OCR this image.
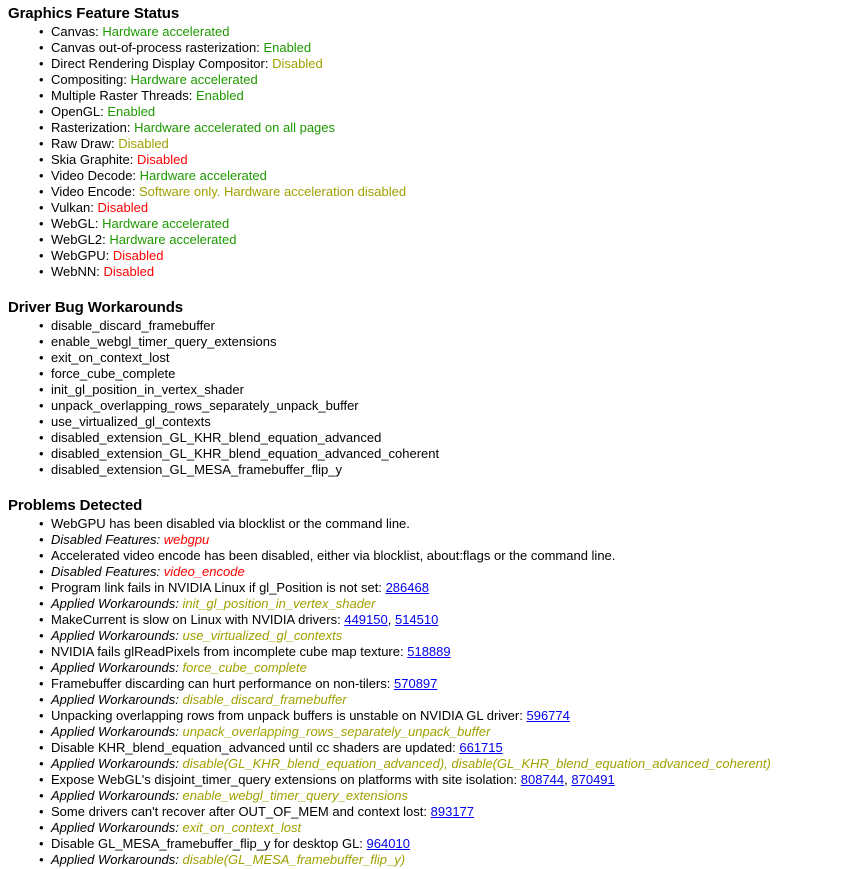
Graphics Feature Status
• Canvas: Hardware accelerated
• Canvas out-of-process rasterization: Enabled
• Direct Rendering Display Compositor: Disabled
• Compositing: Hardware accelerated
• Multiple Raster Threads: Enabled
• OpenGL: Enabled
• Rasterization: Hardware accelerated on all pages
• Raw Draw: Disabled
• Skia Graphite: Disabled
• Video Decode: Hardware accelerated
• Video Encode: Software only. Hardware acceleration disabled
• Vulkan: Disabled
• WebGL: Hardware accelerated
• WebGL2: Hardware accelerated
• WebGPU: Disabled
• WebNN: Disabled
Driver Bug Workarounds
• disable_discard_framebuffer
• enable_webgl_timer_query_extensions
• exit_on_context_lost
• force_cube_complete
• init_gl_position_in_vertex_shader
• unpack_overlapping_rows_separately_unpack_buffer
• use_virtualized_gl_contexts
• disabled_extension_GL_KHR_blend_equation_advanced
• disabled_extension_GL_KHR_blend_equation_advanced_coherent
• disabled_extension_GL_MESA_framebuffer_flip_y
Problems Detected
• WebGPU has been disabled via blocklist or the command line.
• Disabled Features: webgpu
• Accelerated video encode has been disabled, either via blocklist, about:flags or the command line.
• Disabled Features: video_encode
• Program link fails in NVIDIA Linux if gl_Position is not set: 286468
• Applied Workarounds: init_gl_position_in_vertex_shader
• MakeCurrent is slow on Linux with NVIDIA drivers: 449150, 514510
• Applied Workarounds: use_virtualized_gl_contexts
• NVIDIA fails glReadPixels from incomplete cube map texture: 518889
• Applied Workarounds: force_cube_complete
• Framebuffer discarding can hurt performance on non-tilers: 570897
• Applied Workarounds: disable_discard_framebuffer
• Unpacking overlapping rows from unpack buffers is unstable on NVIDIA GL driver: 596774
• Applied Workarounds: unpack_overlapping_rows_separately_unpack_buffer
• Disable KHR_blend_equation_advanced until cc shaders are updated: 661715
• Applied Workarounds: disable(GL_KHR_blend_equation_advanced), disable(GL_KHR_blend_equation_advanced_coherent)
• Expose WebGL's disjoint_timer_query extensions on platforms with site isolation: 808744, 870491
• Applied Workarounds: enable_webgl_timer_query_extensions
• Some drivers can't recover after OUT_OF_MEM and context lost: 893177
• Applied Workarounds: exit_on_context_lost
• Disable GL_MESA_framebuffer_flip_y for desktop GL: 964010
• Applied Workarounds: disable(GL_MESA_framebuffer_flip_y)
